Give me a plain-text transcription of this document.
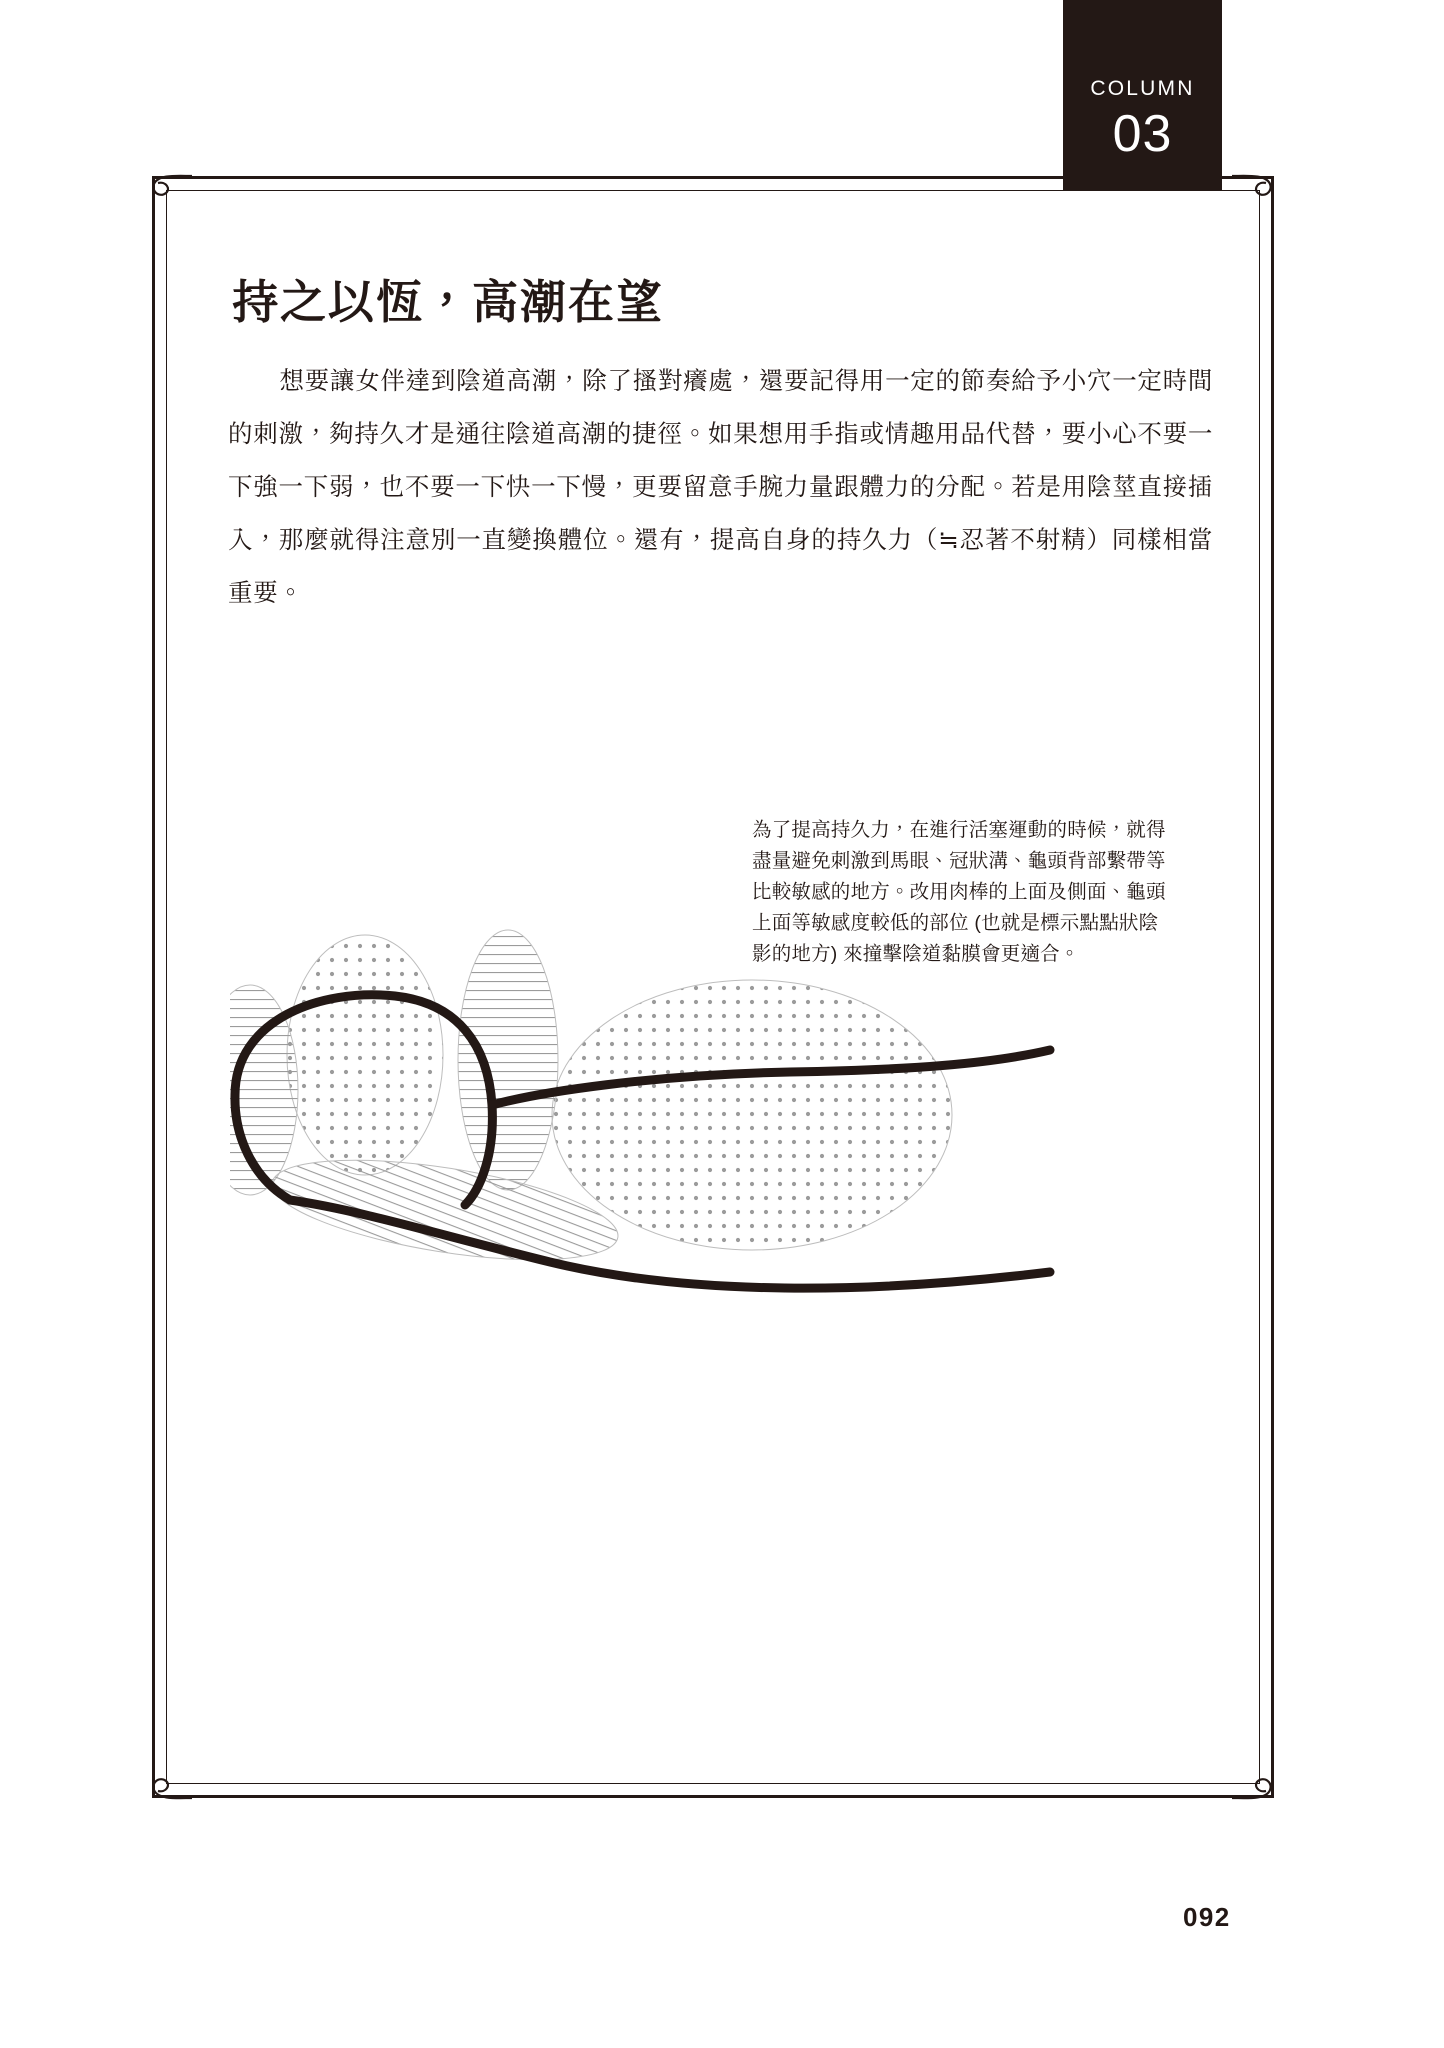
COLUMN
03
持之以恆，高潮在望

想要讓女伴達到陰道高潮，除了搔對癢處，還要記得用一定的節奏給予小穴一定時間的刺激，夠持久才是通往陰道高潮的捷徑。如果想用手指或情趣用品代替，要小心不要一下強一下弱，也不要一下快一下慢，更要留意手腕力量跟體力的分配。若是用陰莖直接插入，那麼就得注意別一直變換體位。還有，提高自身的持久力（≒忍著不射精）同樣相當重要。

為了提高持久力，在進行活塞運動的時候，就得盡量避免刺激到馬眼、冠狀溝、龜頭背部繫帶等比較敏感的地方。改用肉棒的上面及側面、龜頭上面等敏感度較低的部位 (也就是標示點點狀陰影的地方) 來撞擊陰道黏膜會更適合。

092
